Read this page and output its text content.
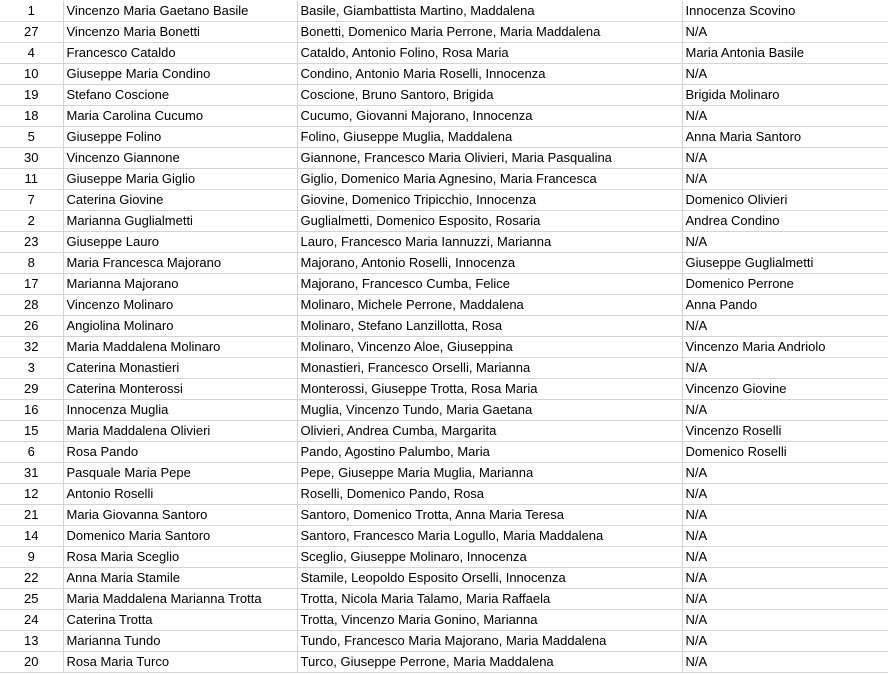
1	Vincenzo Maria Gaetano Basile	Basile, Giambattista Martino, Maddalena	Innocenza Scovino
27	Vincenzo Maria Bonetti	Bonetti, Domenico Maria Perrone, Maria Maddalena	N/A
4	Francesco Cataldo	Cataldo, Antonio Folino, Rosa Maria	Maria Antonia Basile
10	Giuseppe Maria Condino	Condino, Antonio Maria Roselli, Innocenza	N/A
19	Stefano Coscione	Coscione, Bruno Santoro, Brigida	Brigida Molinaro
18	Maria Carolina Cucumo	Cucumo, Giovanni Majorano, Innocenza	N/A
5	Giuseppe Folino	Folino, Giuseppe Muglia, Maddalena	Anna Maria Santoro
30	Vincenzo Giannone	Giannone, Francesco Maria Olivieri, Maria Pasqualina	N/A
11	Giuseppe Maria Giglio	Giglio, Domenico Maria Agnesino, Maria Francesca	N/A
7	Caterina Giovine	Giovine, Domenico Tripicchio, Innocenza	Domenico Olivieri
2	Marianna Guglialmetti	Guglialmetti, Domenico Esposito, Rosaria	Andrea Condino
23	Giuseppe Lauro	Lauro, Francesco Maria Iannuzzi, Marianna	N/A
8	Maria Francesca Majorano	Majorano, Antonio Roselli, Innocenza	Giuseppe Guglialmetti
17	Marianna Majorano	Majorano, Francesco Cumba, Felice	Domenico Perrone
28	Vincenzo Molinaro	Molinaro, Michele Perrone, Maddalena	Anna Pando
26	Angiolina Molinaro	Molinaro, Stefano Lanzillotta, Rosa	N/A
32	Maria Maddalena Molinaro	Molinaro, Vincenzo Aloe, Giuseppina	Vincenzo Maria Andriolo
3	Caterina Monastieri	Monastieri, Francesco Orselli, Marianna	N/A
29	Caterina Monterossi	Monterossi, Giuseppe Trotta, Rosa Maria	Vincenzo Giovine
16	Innocenza Muglia	Muglia, Vincenzo Tundo, Maria Gaetana	N/A
15	Maria Maddalena Olivieri	Olivieri, Andrea Cumba, Margarita	Vincenzo Roselli
6	Rosa Pando	Pando, Agostino Palumbo, Maria	Domenico Roselli
31	Pasquale Maria Pepe	Pepe, Giuseppe Maria Muglia, Marianna	N/A
12	Antonio Roselli	Roselli, Domenico Pando, Rosa	N/A
21	Maria Giovanna Santoro	Santoro, Domenico Trotta, Anna Maria Teresa	N/A
14	Domenico Maria Santoro	Santoro, Francesco Maria Logullo, Maria Maddalena	N/A
9	Rosa Maria Sceglio	Sceglio, Giuseppe Molinaro, Innocenza	N/A
22	Anna Maria Stamile	Stamile, Leopoldo Esposito Orselli, Innocenza	N/A
25	Maria Maddalena Marianna Trotta	Trotta, Nicola Maria Talamo, Maria Raffaela	N/A
24	Caterina Trotta	Trotta, Vincenzo Maria Gonino, Marianna	N/A
13	Marianna Tundo	Tundo, Francesco Maria Majorano, Maria Maddalena	N/A
20	Rosa Maria Turco	Turco, Giuseppe Perrone, Maria Maddalena	N/A
